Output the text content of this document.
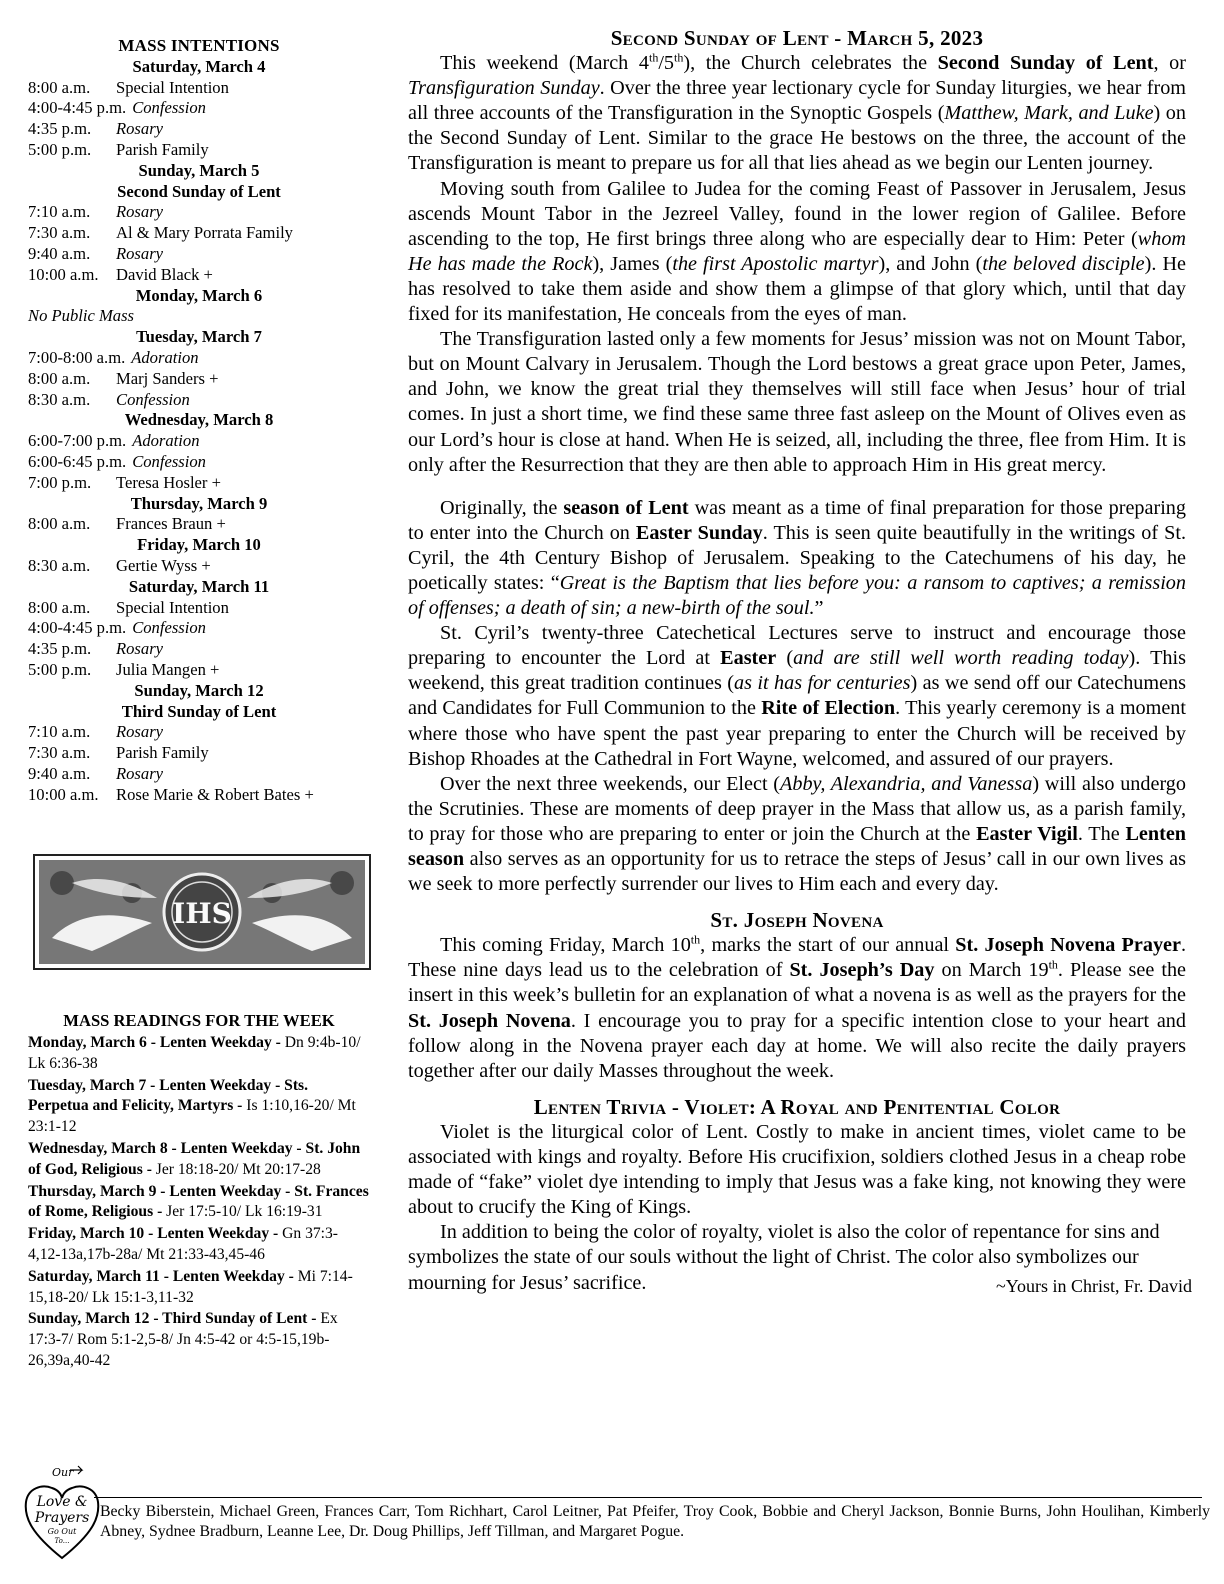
MASS INTENTIONS
Saturday, March 4
8:00 a.m. Special Intention
4:00-4:45 p.m. Confession
4:35 p.m. Rosary
5:00 p.m. Parish Family
Sunday, March 5
Second Sunday of Lent
7:10 a.m. Rosary
7:30 a.m. Al & Mary Porrata Family
9:40 a.m. Rosary
10:00 a.m. David Black +
Monday, March 6
No Public Mass
Tuesday, March 7
7:00-8:00 a.m. Adoration
8:00 a.m. Marj Sanders +
8:30 a.m. Confession
Wednesday, March 8
6:00-7:00 p.m. Adoration
6:00-6:45 p.m. Confession
7:00 p.m. Teresa Hosler +
Thursday, March 9
8:00 a.m. Frances Braun +
Friday, March 10
8:30 a.m. Gertie Wyss +
Saturday, March 11
8:00 a.m. Special Intention
4:00-4:45 p.m. Confession
4:35 p.m. Rosary
5:00 p.m. Julia Mangen +
Sunday, March 12
Third Sunday of Lent
7:10 a.m. Rosary
7:30 a.m. Parish Family
9:40 a.m. Rosary
10:00 a.m. Rose Marie & Robert Bates +
IHS
MASS READINGS FOR THE WEEK
Monday, March 6 - Lenten Weekday - Dn 9:4b-10/ Lk 6:36-38
Tuesday, March 7 - Lenten Weekday - Sts. Perpetua and Felicity, Martyrs - Is 1:10,16-20/ Mt 23:1-12
Wednesday, March 8 - Lenten Weekday - St. John of God, Religious - Jer 18:18-20/ Mt 20:17-28
Thursday, March 9 - Lenten Weekday - St. Frances of Rome, Religious - Jer 17:5-10/ Lk 16:19-31
Friday, March 10 - Lenten Weekday - Gn 37:3-4,12-13a,17b-28a/ Mt 21:33-43,45-46
Saturday, March 11 - Lenten Weekday - Mi 7:14-15,18-20/ Lk 15:1-3,11-32
Sunday, March 12 - Third Sunday of Lent - Ex 17:3-7/ Rom 5:1-2,5-8/ Jn 4:5-42 or 4:5-15,19b-26,39a,40-42
Second Sunday of Lent - March 5, 2023

This weekend (March 4th/5th), the Church celebrates the Second Sunday of Lent, or Transfiguration Sunday. Over the three year lectionary cycle for Sunday liturgies, we hear from all three accounts of the Transfiguration in the Synoptic Gospels (Matthew, Mark, and Luke) on the Second Sunday of Lent. Similar to the grace He bestows on the three, the account of the Transfiguration is meant to prepare us for all that lies ahead as we begin our Lenten journey.

Moving south from Galilee to Judea for the coming Feast of Passover in Jerusalem, Jesus ascends Mount Tabor in the Jezreel Valley, found in the lower region of Galilee. Before ascending to the top, He first brings three along who are especially dear to Him: Peter (whom He has made the Rock), James (the first Apostolic martyr), and John (the beloved disciple). He has resolved to take them aside and show them a glimpse of that glory which, until that day fixed for its manifestation, He conceals from the eyes of man.

The Transfiguration lasted only a few moments for Jesus’ mission was not on Mount Tabor, but on Mount Calvary in Jerusalem. Though the Lord bestows a great grace upon Peter, James, and John, we know the great trial they themselves will still face when Jesus’ hour of trial comes. In just a short time, we find these same three fast asleep on the Mount of Olives even as our Lord’s hour is close at hand. When He is seized, all, including the three, flee from Him. It is only after the Resurrection that they are then able to approach Him in His great mercy.

Originally, the season of Lent was meant as a time of final preparation for those preparing to enter into the Church on Easter Sunday. This is seen quite beautifully in the writings of St. Cyril, the 4th Century Bishop of Jerusalem. Speaking to the Catechumens of his day, he poetically states: “Great is the Baptism that lies before you: a ransom to captives; a remission of offenses; a death of sin; a new-birth of the soul.”

St. Cyril’s twenty-three Catechetical Lectures serve to instruct and encourage those preparing to encounter the Lord at Easter (and are still well worth reading today). This weekend, this great tradition continues (as it has for centuries) as we send off our Catechumens and Candidates for Full Communion to the Rite of Election. This yearly ceremony is a moment where those who have spent the past year preparing to enter the Church will be received by Bishop Rhoades at the Cathedral in Fort Wayne, welcomed, and assured of our prayers.

Over the next three weekends, our Elect (Abby, Alexandria, and Vanessa) will also undergo the Scrutinies. These are moments of deep prayer in the Mass that allow us, as a parish family, to pray for those who are preparing to enter or join the Church at the Easter Vigil. The Lenten season also serves as an opportunity for us to retrace the steps of Jesus’ call in our own lives as we seek to more perfectly surrender our lives to Him each and every day.

St. Joseph Novena

This coming Friday, March 10th, marks the start of our annual St. Joseph Novena Prayer. These nine days lead us to the celebration of St. Joseph’s Day on March 19th. Please see the insert in this week’s bulletin for an explanation of what a novena is as well as the prayers for the St. Joseph Novena. I encourage you to pray for a specific intention close to your heart and follow along in the Novena prayer each day at home. We will also recite the daily prayers together after our daily Masses throughout the week.

Lenten Trivia - Violet: A Royal and Penitential Color

Violet is the liturgical color of Lent. Costly to make in ancient times, violet came to be associated with kings and royalty. Before His crucifixion, soldiers clothed Jesus in a cheap robe made of “fake” violet dye intending to imply that Jesus was a fake king, not knowing they were about to crucify the King of Kings.

In addition to being the color of royalty, violet is also the color of repentance for sins and symbolizes the state of our souls without the light of Christ. The color also symbolizes our mourning for Jesus’ sacrifice.	~Yours in Christ, Fr. David
Our
Love &
Prayers
Go Out
To...
Becky Biberstein, Michael Green, Frances Carr, Tom Richhart, Carol Leitner, Pat Pfeifer, Troy Cook, Bobbie and Cheryl Jackson, Bonnie Burns, John Houlihan, Kimberly Abney, Sydnee Bradburn, Leanne Lee, Dr. Doug Phillips, Jeff Tillman, and Margaret Pogue.
